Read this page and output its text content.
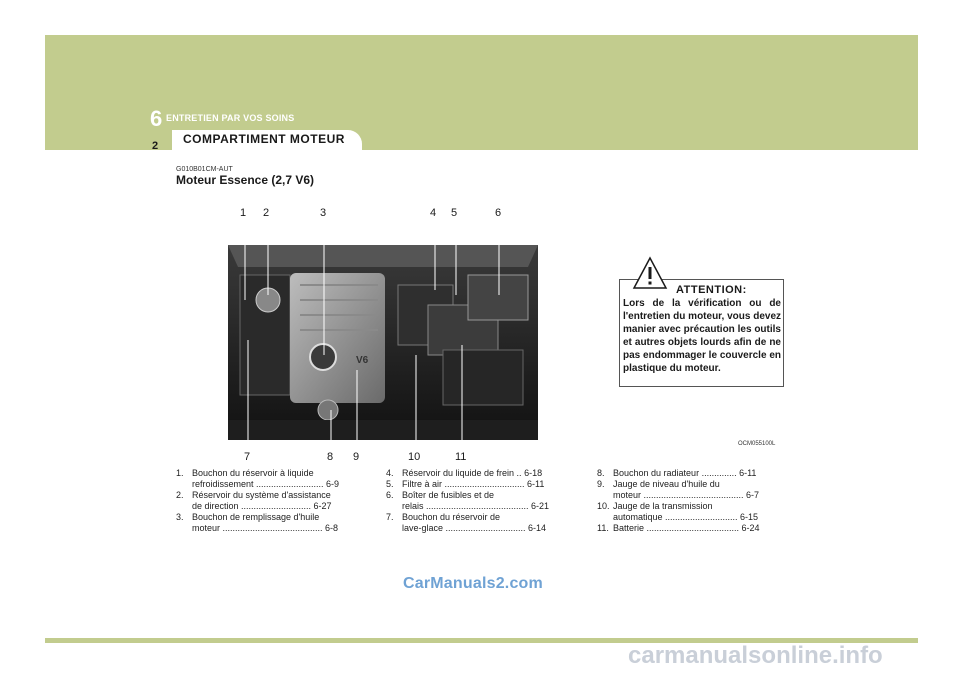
6 ENTRETIEN PAR VOS SOINS
2 COMPARTIMENT MOTEUR
G010B01CM-AUT
Moteur Essence (2,7 V6)
V6
1 2	3	4 5	6
7	8 9	10	11
ATTENTION:
Lors de la vérification ou de l'entretien du moteur, vous devez manier avec précaution les outils et autres objets lourds afin de ne pas endommager le couvercle en plastique du moteur.
OCM055100L
1. Bouchon du réservoir à liquide
refroidissement ........................... 6-9
2. Réservoir du système d'assistance
de direction ............................ 6-27
3. Bouchon de remplissage d'huile
moteur ........................................ 6-8
4. Réservoir du liquide de frein .. 6-18
5. Filtre à air ................................ 6-11
6. Boîter de fusibles et de
relais ......................................... 6-21
7. Bouchon du réservoir de
lave-glace ................................ 6-14
8. Bouchon du radiateur .............. 6-11
9. Jauge de niveau d'huile du
moteur ........................................ 6-7
10. Jauge de la transmission
automatique ............................. 6-15
11. Batterie ..................................... 6-24
CarManuals2.com
carmanualsonline.info
